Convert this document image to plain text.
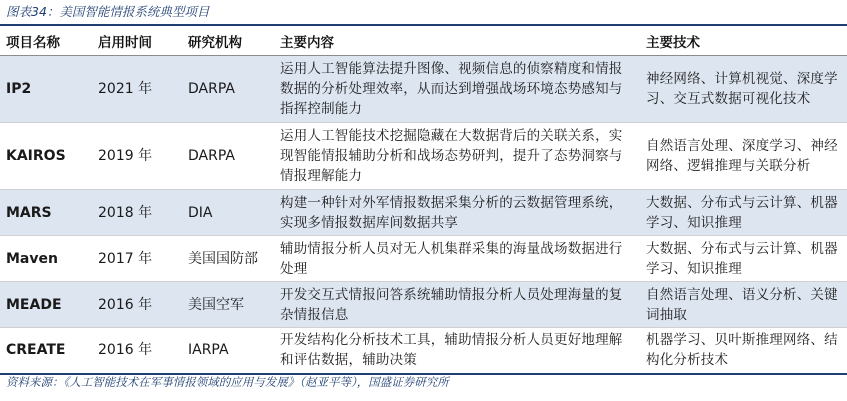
图表34：美国智能情报系统典型项目
项目名称	启用时间	研究机构	主要内容	主要技术
IP2	2021 年	DARPA	运用人工智能算法提升图像、视频信息的侦察精度和情报数据的分析处理效率，从而达到增强战场环境态势感知与指挥控制能力	神经网络、计算机视觉、深度学习、交互式数据可视化技术
KAIROS	2019 年	DARPA	运用人工智能技术挖掘隐藏在大数据背后的关联关系，实现智能情报辅助分析和战场态势研判，提升了态势洞察与情报理解能力	自然语言处理、深度学习、神经网络、逻辑推理与关联分析
MARS	2018 年	DIA	构建一种针对外军情报数据采集分析的云数据管理系统，实现多情报数据库间数据共享	大数据、分布式与云计算、机器学习、知识推理
Maven	2017 年	美国国防部	辅助情报分析人员对无人机集群采集的海量战场数据进行处理	大数据、分布式与云计算、机器学习、知识推理
MEADE	2016 年	美国空军	开发交互式情报问答系统辅助情报分析人员处理海量的复杂情报信息	自然语言处理、语义分析、关键词抽取
CREATE	2016 年	IARPA	开发结构化分析技术工具，辅助情报分析人员更好地理解和评估数据，辅助决策	机器学习、贝叶斯推理网络、结构化分析技术
资料来源：《人工智能技术在军事情报领域的应用与发展》（赵亚平等），国盛证券研究所
